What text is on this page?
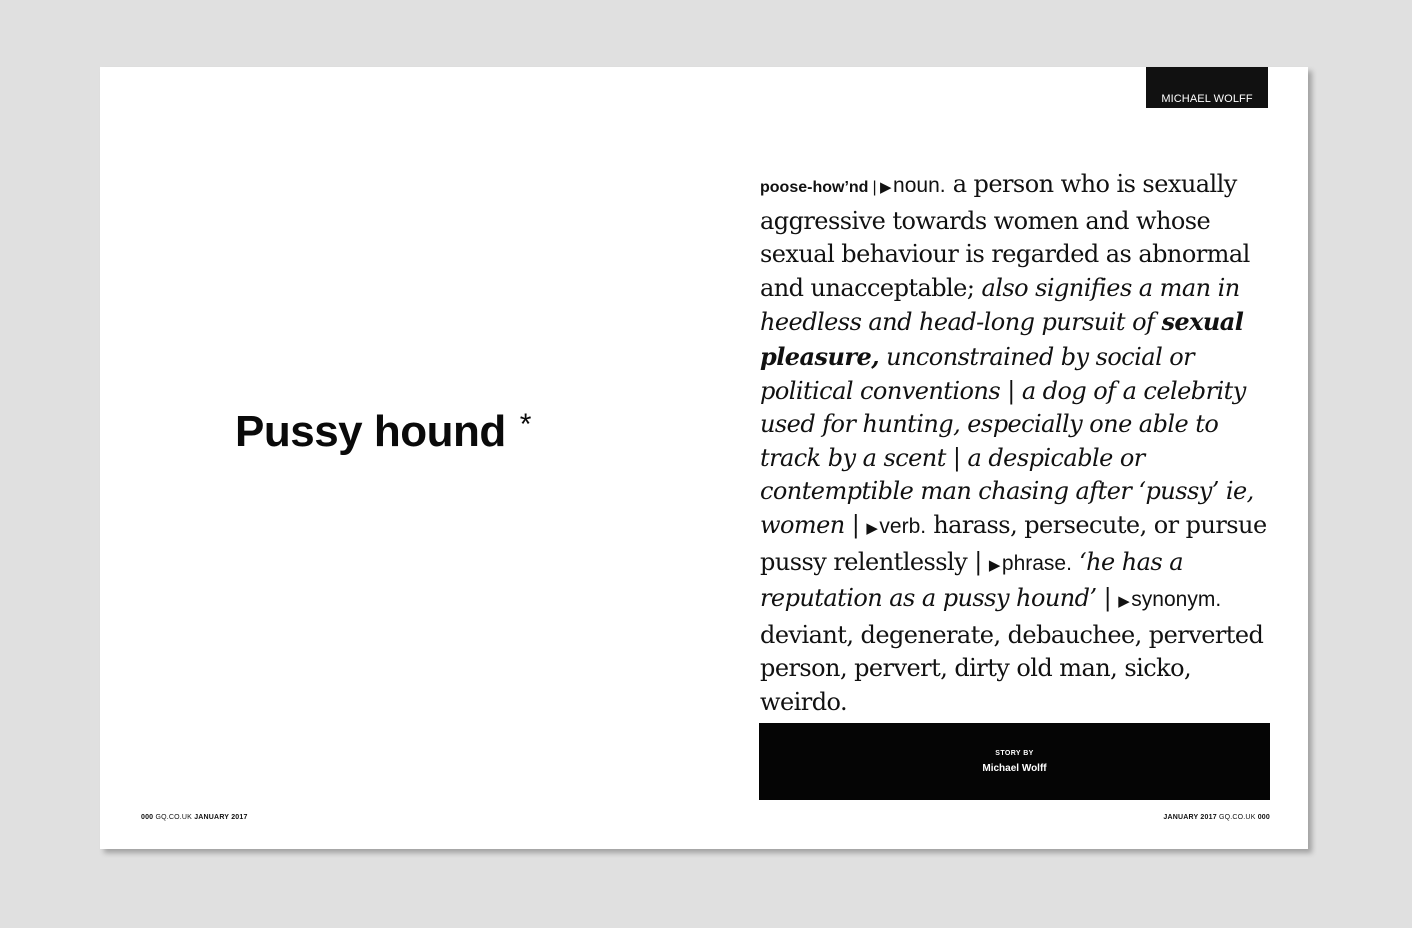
MICHAEL WOLFF
Pussy hound *
poose-how’nd | ▶noun. a person who is sexually aggressive towards women and whose sexual behaviour is regarded as abnormal and unacceptable; also signifies a man in heedless and head-long pursuit of sexual pleasure, unconstrained by social or political conventions | a dog of a celebrity used for hunting, especially one able to track by a scent | a despicable or contemptible man chasing after ‘pussy’ ie, women | ▶verb. harass, persecute, or pursue pussy relentlessly | ▶phrase. ‘he has a reputation as a pussy hound’ | ▶synonym. deviant, degenerate, debauchee, perverted person, pervert, dirty old man, sicko, weirdo.
STORY BY
Michael Wolff
000 GQ.CO.UK JANUARY 2017	JANUARY 2017 GQ.CO.UK 000
